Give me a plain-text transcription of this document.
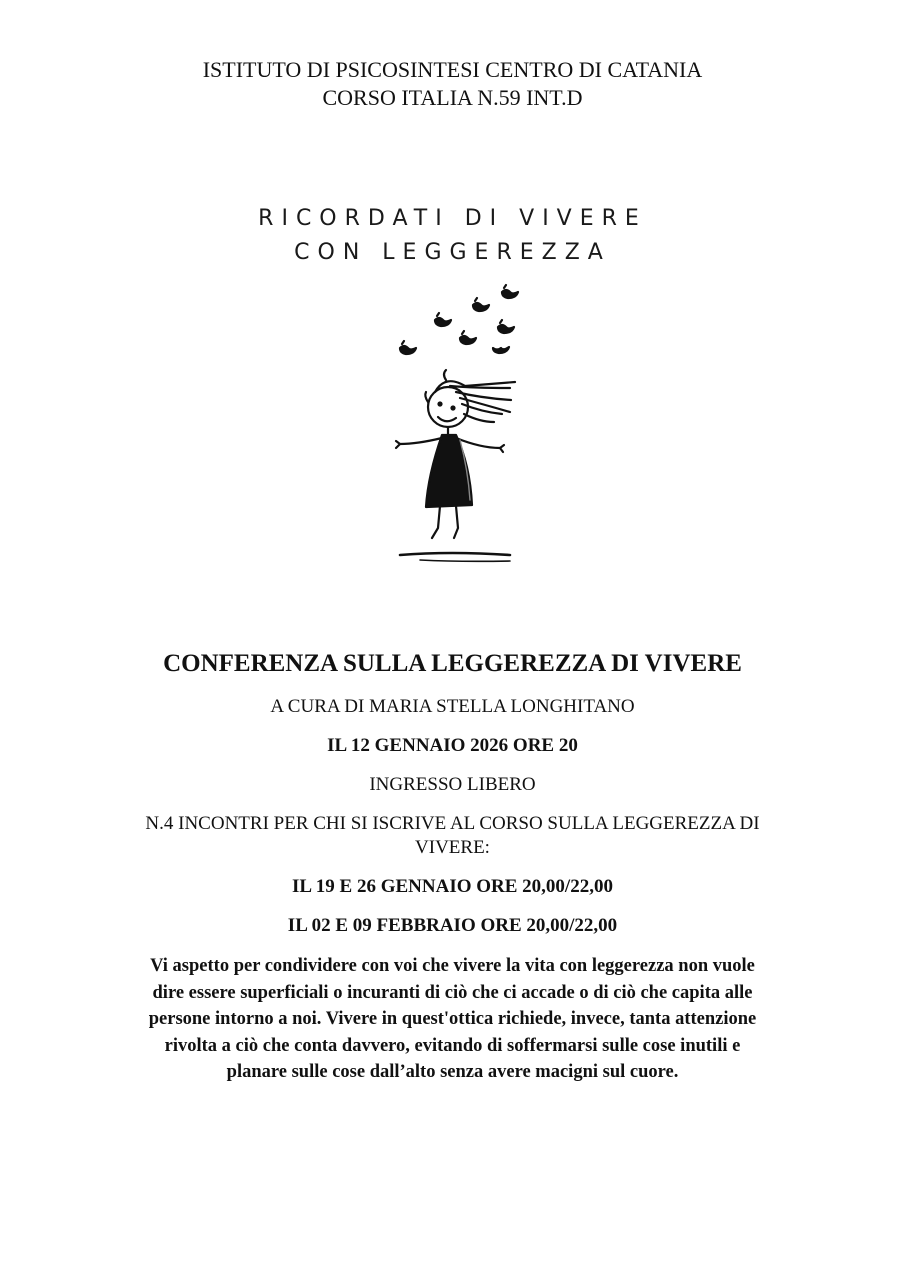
ISTITUTO DI PSICOSINTESI CENTRO DI CATANIA
CORSO ITALIA N.59 INT.D
RICORDATI DI VIVERE
CON LEGGEREZZA
CONFERENZA SULLA LEGGEREZZA DI VIVERE
A CURA DI MARIA STELLA LONGHITANO
IL 12 GENNAIO 2026 ORE 20
INGRESSO LIBERO
N.4 INCONTRI PER CHI SI ISCRIVE AL CORSO SULLA LEGGEREZZA DI
VIVERE:
IL 19 E 26 GENNAIO ORE 20,00/22,00
IL 02 E 09 FEBBRAIO ORE 20,00/22,00
Vi aspetto per condividere con voi che vivere la vita con leggerezza non vuole
dire essere superficiali o incuranti di ciò che ci accade o di ciò che capita alle
persone intorno a noi. Vivere in quest'ottica richiede, invece, tanta attenzione
rivolta a ciò che conta davvero, evitando di soffermarsi sulle cose inutili e
planare sulle cose dall’alto senza avere macigni sul cuore.
